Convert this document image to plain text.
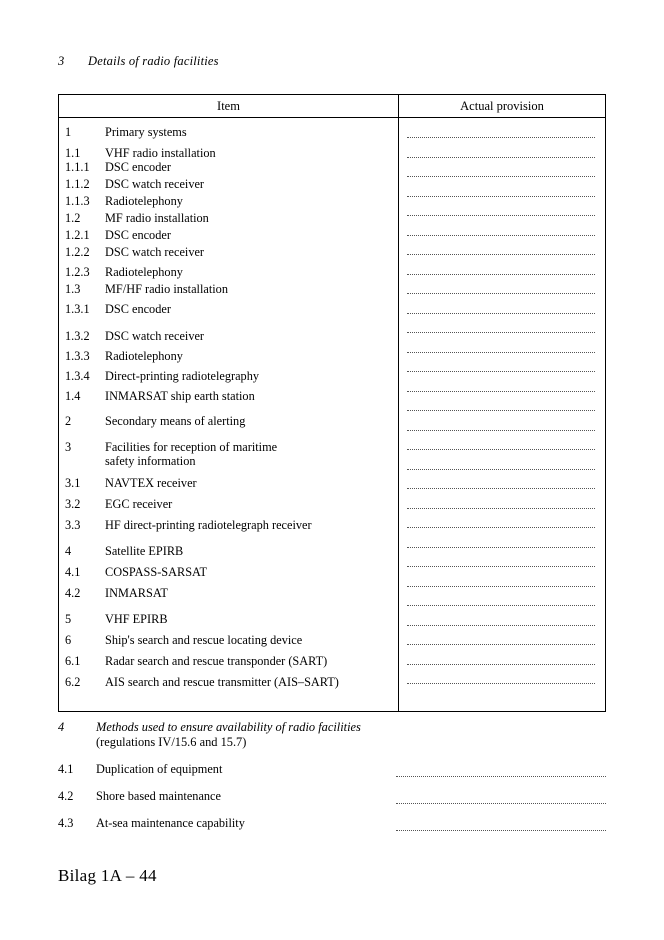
3 Details of radio facilities
Item	Actual provision
1	Primary systems
1.1	VHF radio installation
1.1.1	DSC encoder
1.1.2	DSC watch receiver
1.1.3	Radiotelephony
1.2	MF radio installation
1.2.1	DSC encoder
1.2.2	DSC watch receiver
1.2.3	Radiotelephony
1.3	MF/HF radio installation
1.3.1	DSC encoder
1.3.2	DSC watch receiver
1.3.3	Radiotelephony
1.3.4	Direct-printing radiotelegraphy
1.4	INMARSAT ship earth station
2	Secondary means of alerting
3	Facilities for reception of maritime
safety information
3.1	NAVTEX receiver
3.2	EGC receiver
3.3	HF direct-printing radiotelegraph receiver
4	Satellite EPIRB
4.1	COSPASS-SARSAT
4.2	INMARSAT
5	VHF EPIRB
6	Ship's search and rescue locating device
6.1	Radar search and rescue transponder (SART)
6.2	AIS search and rescue transmitter (AIS–SART)
4	Methods used to ensure availability of radio facilities
(regulations IV/15.6 and 15.7)
4.1	Duplication of equipment
4.2	Shore based maintenance
4.3	At-sea maintenance capability
Bilag 1A – 44
